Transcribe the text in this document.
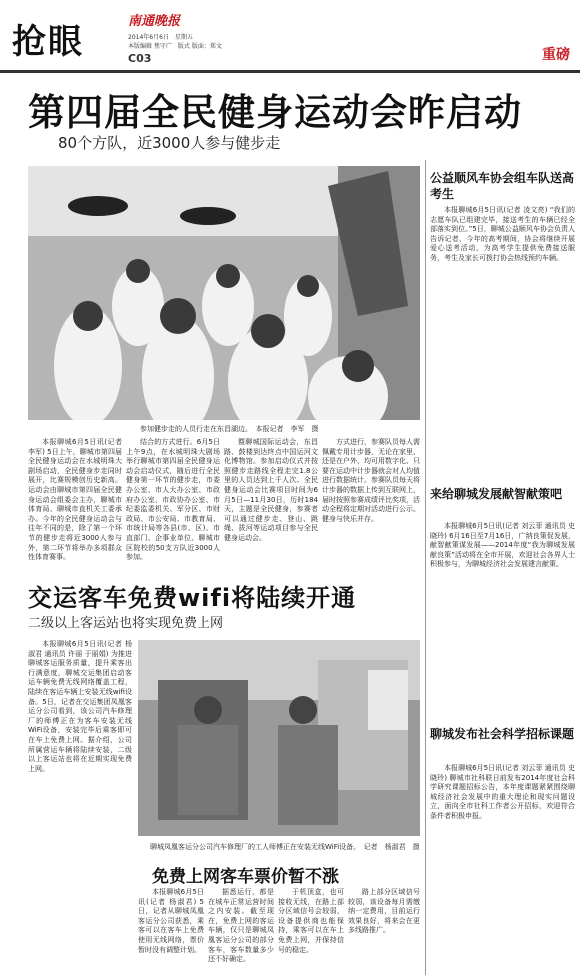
抢眼
南通晚报
2014年6月6日　星期五
本版编辑 焦守广　版式 版面：郑文
C03	重磅
第四届全民健身运动会昨启动
80个方队，近3000人参与健步走
参加健步走的人员行走在东昌湖边。　本报记者　李军　摄

本报聊城6月5日讯(记者 李军) 5日上午，聊城市第四届全民健身运动会在水城明珠大剧场启动，全民健身步走同时展开，比赛规模创历史新高。运动会由聊城市第四届全民健身运动会组委会主办，聊城市体育局、聊城市直机关工委承办。今年的全民健身运动会与往年不同的是，除了第一个环节的健步走将近3000人参与外，第二环节将举办多项群众性体育赛事。

结合的方式进行。6月5日上午9点，在水城明珠大剧场举行聊城市第四届全民健身运动会启动仪式，随后进行全民健身第一环节的健步走，市委办公室、市人大办公室、市政府办公室、市政协办公室、市纪委监委机关、军分区、市财政局、市公安局、市教育局、市统计局等各县(市、区)、市直部门、企事业单位、聊城市区院校的50支方队近3000人参加。

暨聊城国际运动会，东昌路、鼓楼到达终点中国运河文化博物馆。参加启动仪式并按照健步走路线全程走完1.8公里的人员达到上千人次。全民健身运动会比赛项目时间为6月5日—11月30日，历时184天，主题是全民健身，参赛者可以通过健步走、登山、跳绳、拔河等运动项目参与全民健身运动会。

方式进行，参赛队员每人需佩戴专用计步器，无论在家里、还是在户外，均可用数字化、只要在运动中计步器就会对人均值进行数据统计。参赛队员每天将计步器的数据上传到互联网上，届时按照参赛成绩评比奖项，活动全程将定期对活动进行公示。健身与快乐并存。

公益顺风车协会组车队送高考生

本报聊城6月5日讯(记者 凌文亮) “我们的志愿车队已组建完毕，接送考生的车辆已经全部落实到位。”5日，聊城公益顺风车协会负责人告诉记者，今年的高考期间，协会将继续开展爱心送考活动，为高考学生提供免费接送服务，考生及家长可拨打协会热线预约车辆。

来给聊城发展献智献策吧

本报聊城6月5日讯(记者 刘云菲 通讯员 史晓玲) 6月16日至7月16日，广纳良策促发展，献智献策谋发展——2014年度“我为聊城发展献良策”活动将在全市开展，欢迎社会各界人士积极参与，为聊城经济社会发展建言献策。

聊城发布社会科学招标课题

本报聊城6月5日讯(记者 刘云菲 通讯员 史晓玲) 聊城市社科联日前发布2014年度社会科学研究课题招标公告，本年度课题紧紧围绕聊城经济社会发展中的重大理论和现实问题设立，面向全市社科工作者公开招标，欢迎符合条件者积极申报。

交运客车免费wifi将陆续开通
二级以上客运站也将实现免费上网

本报聊城6月5日讯(记者 杨淑君 通讯员 许丽 于丽娟) 为推进聊城客运服务质量，提升乘客出行满意度，聊城交运集团启动客运车辆免费无线网络覆盖工程，陆续在客运车辆上安装无线wifi设备。5日，记者在交运集团凤凰客运分公司看到，该公司汽车修理厂的师傅正在为客车安装无线WiFi设备，安装完毕后乘客即可在车上免费上网。据介绍，公司所属营运车辆将陆续安装，二级以上客运站也将在近期实现免费上网。

聊城凤凰客运分公司汽车修理厂的工人师傅正在安装无线WiFi设备。　记者　杨淑君　摄
免费上网客车票价暂不涨

本报聊城6月5日讯(记者 杨淑君) 5日，记者从聊城凤凰客运分公司获悉，乘客可以在客车上免费使用无线网络，票价暂时没有调整计划。

据悉运行，都是在城车正常运营时间之内安装。截至现在，免费上网的客运车辆，仅只是聊城凤凰客运分公司的部分客车，客车数量多少还不好确定。

于机顶盒，也可接收无线，在路上部分区域信号会较弱，设备提供商也能保持，乘客可以在车上免费上网，并保持信号的稳定。

路上部分区域信号较弱，该设备每月需缴纳一定费用，目前运行效果良好，将来会在更多线路推广。
